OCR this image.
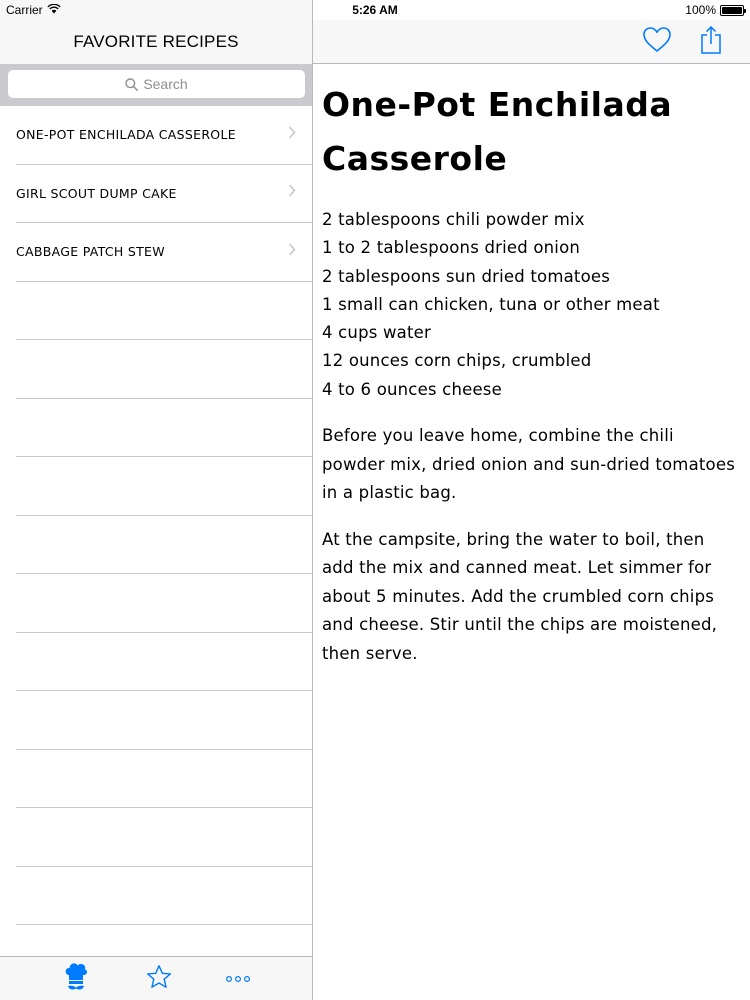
FAVORITE RECIPES
Search
ONE-POT ENCHILADA CASSEROLE
GIRL SCOUT DUMP CAKE
CABBAGE PATCH STEW
Carrier	5:26 AM	100%
One-Pot Enchilada Casserole
2 tablespoons chili powder mix
1 to 2 tablespoons dried onion
2 tablespoons sun dried tomatoes
1 small can chicken, tuna or other meat
4 cups water
12 ounces corn chips, crumbled
4 to 6 ounces cheese

Before you leave home, combine the chili powder mix, dried onion and sun-dried tomatoes in a plastic bag.

At the campsite, bring the water to boil, then add the mix and canned meat. Let simmer for about 5 minutes. Add the crumbled corn chips and cheese. Stir until the chips are moistened, then serve.
